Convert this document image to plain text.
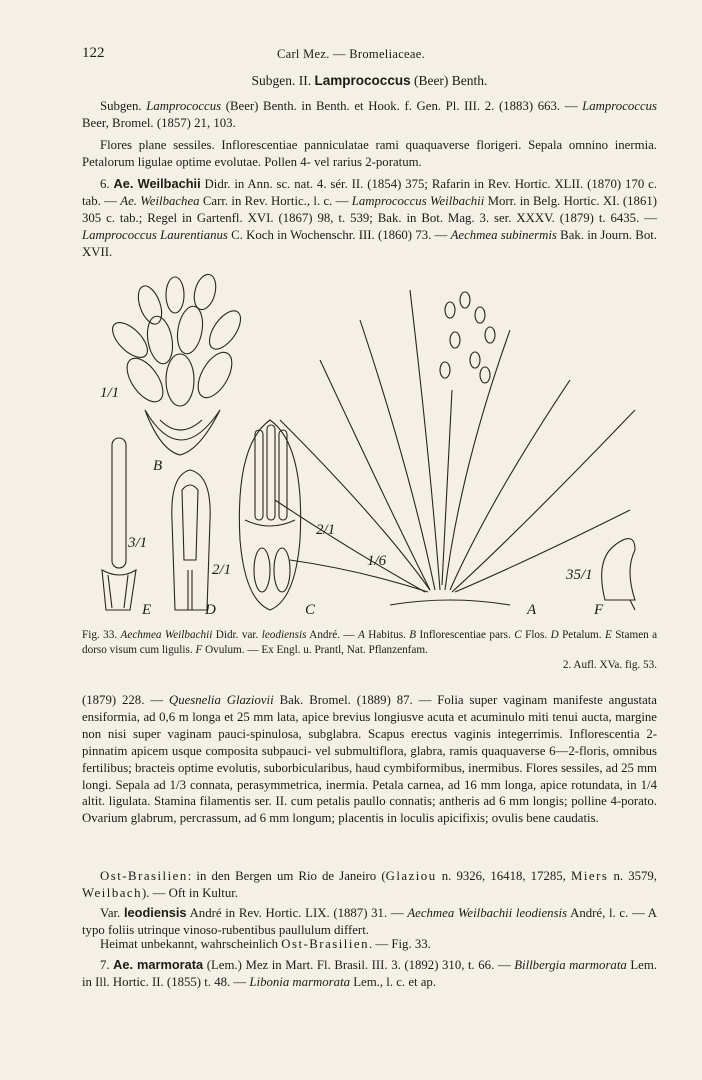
122	Carl Mez. — Bromeliaceae.
Subgen. II. Lamprococcus (Beer) Benth.
Subgen. Lamprococcus (Beer) Benth. in Benth. et Hook. f. Gen. Pl. III. 2. (1883) 663. — Lamprococcus Beer, Bromel. (1857) 21, 103.
Flores plane sessiles. Inflorescentiae panniculatae rami quaquaverse florigeri. Sepala omnino inermia. Petalorum ligulae optime evolutae. Pollen 4- vel rarius 2-poratum.
6. Ae. Weilbachii Didr. in Ann. sc. nat. 4. sér. II. (1854) 375; Rafarin in Rev. Hortic. XLII. (1870) 170 c. tab. — Ae. Weilbachea Carr. in Rev. Hortic., l. c. — Lamprococcus Weilbachii Morr. in Belg. Hortic. XI. (1861) 305 c. tab.; Regel in Gartenfl. XVI. (1867) 98, t. 539; Bak. in Bot. Mag. 3. ser. XXXV. (1879) t. 6435. — Lamprococcus Laurentianus C. Koch in Wochenschr. III. (1860) 73. — Aechmea subinermis Bak. in Journ. Bot. XVII.
1/1
B
3/1
2/1
2/1
1/6
35/1
E	D	C	A	F
Fig. 33. Aechmea Weilbachii Didr. var. leodiensis André. — A Habitus. B Inflorescentiae pars. C Flos. D Petalum. E Stamen a dorso visum cum ligulis. F Ovulum. — Ex Engl. u. Prantl, Nat. Pflanzenfam.
2. Aufl. XVa. fig. 53.
(1879) 228. — Quesnelia Glaziovii Bak. Bromel. (1889) 87. — Folia super vaginam manifeste angustata ensiformia, ad 0,6 m longa et 25 mm lata, apice brevius longiusve acuta et acuminulo miti tenui aucta, margine non nisi super vaginam pauci-spinulosa, subglabra. Scapus erectus vaginis integerrimis. Inflorescentia 2-pinnatim apicem usque composita subpauci- vel submultiflora, glabra, ramis quaquaverse 6—2-floris, omnibus fertilibus; bracteis optime evolutis, suborbicularibus, haud cymbiformibus, inermibus. Flores sessiles, ad 25 mm longi. Sepala ad 1/3 connata, perasymmetrica, inermia. Petala carnea, ad 16 mm longa, apice rotundata, in 1/4 altit. ligulata. Stamina filamentis ser. II. cum petalis paullo connatis; antheris ad 6 mm longis; polline 4-porato. Ovarium glabrum, percrassum, ad 6 mm longum; placentis in loculis apicifixis; ovulis bene caudatis.
Ost-Brasilien: in den Bergen um Rio de Janeiro (Glaziou n. 9326, 16418, 17285, Miers n. 3579, Weilbach). — Oft in Kultur.
Var. leodiensis André in Rev. Hortic. LIX. (1887) 31. — Aechmea Weilbachii leodiensis André, l. c. — A typo foliis utrinque vinoso-rubentibus paullulum differt.
Heimat unbekannt, wahrscheinlich Ost-Brasilien. — Fig. 33.
7. Ae. marmorata (Lem.) Mez in Mart. Fl. Brasil. III. 3. (1892) 310, t. 66. — Billbergia marmorata Lem. in Ill. Hortic. II. (1855) t. 48. — Libonia marmorata Lem., l. c. et ap.
